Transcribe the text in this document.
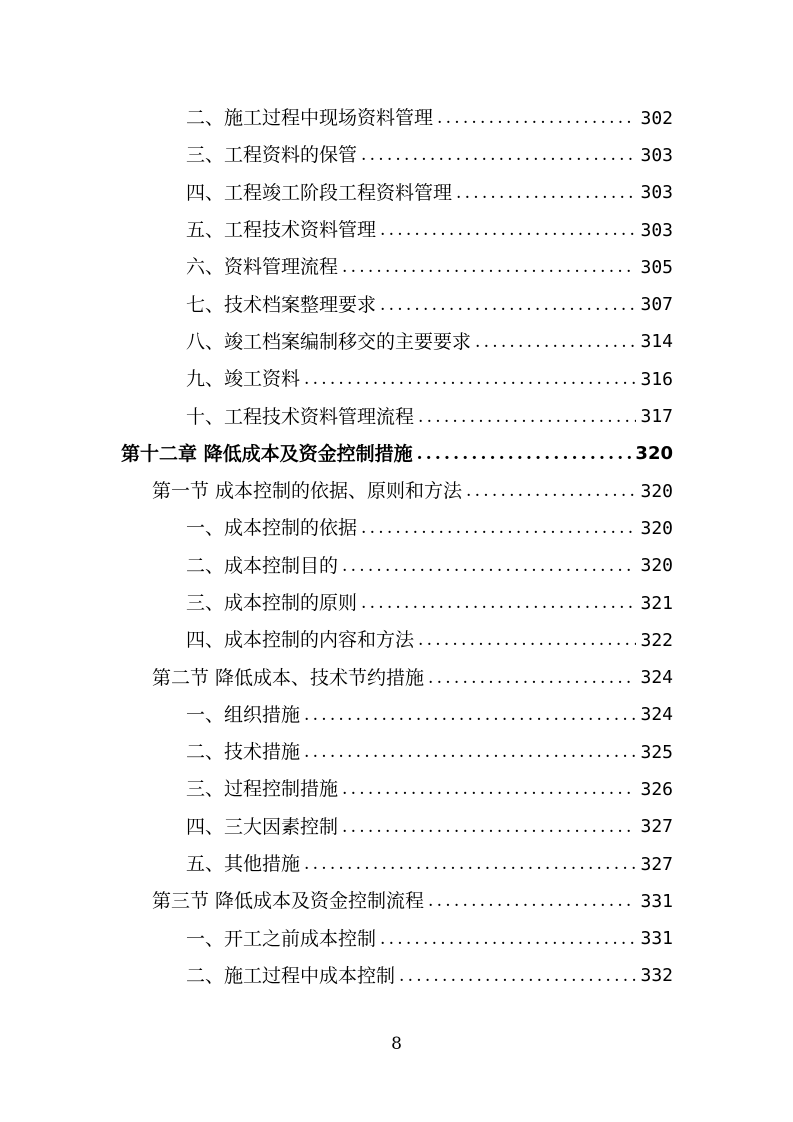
二、施工过程中现场资料管理 .....	302
三、工程资料的保管 .....	303
四、工程竣工阶段工程资料管理 .....	303
五、工程技术资料管理 .....	303
六、资料管理流程 .....	305
七、技术档案整理要求 .....	307
八、竣工档案编制移交的主要要求 .....	314
九、竣工资料 .....	316
十、工程技术资料管理流程 .....	317
第十二章 降低成本及资金控制措施 .....	320
第一节 成本控制的依据、原则和方法 .....	320
一、成本控制的依据 .....	320
二、成本控制目的 .....	320
三、成本控制的原则 .....	321
四、成本控制的内容和方法 .....	322
第二节 降低成本、技术节约措施 .....	324
一、组织措施 .....	324
二、技术措施 .....	325
三、过程控制措施 .....	326
四、三大因素控制 .....	327
五、其他措施 .....	327
第三节 降低成本及资金控制流程 .....	331
一、开工之前成本控制 .....	331
二、施工过程中成本控制 .....	332
8
